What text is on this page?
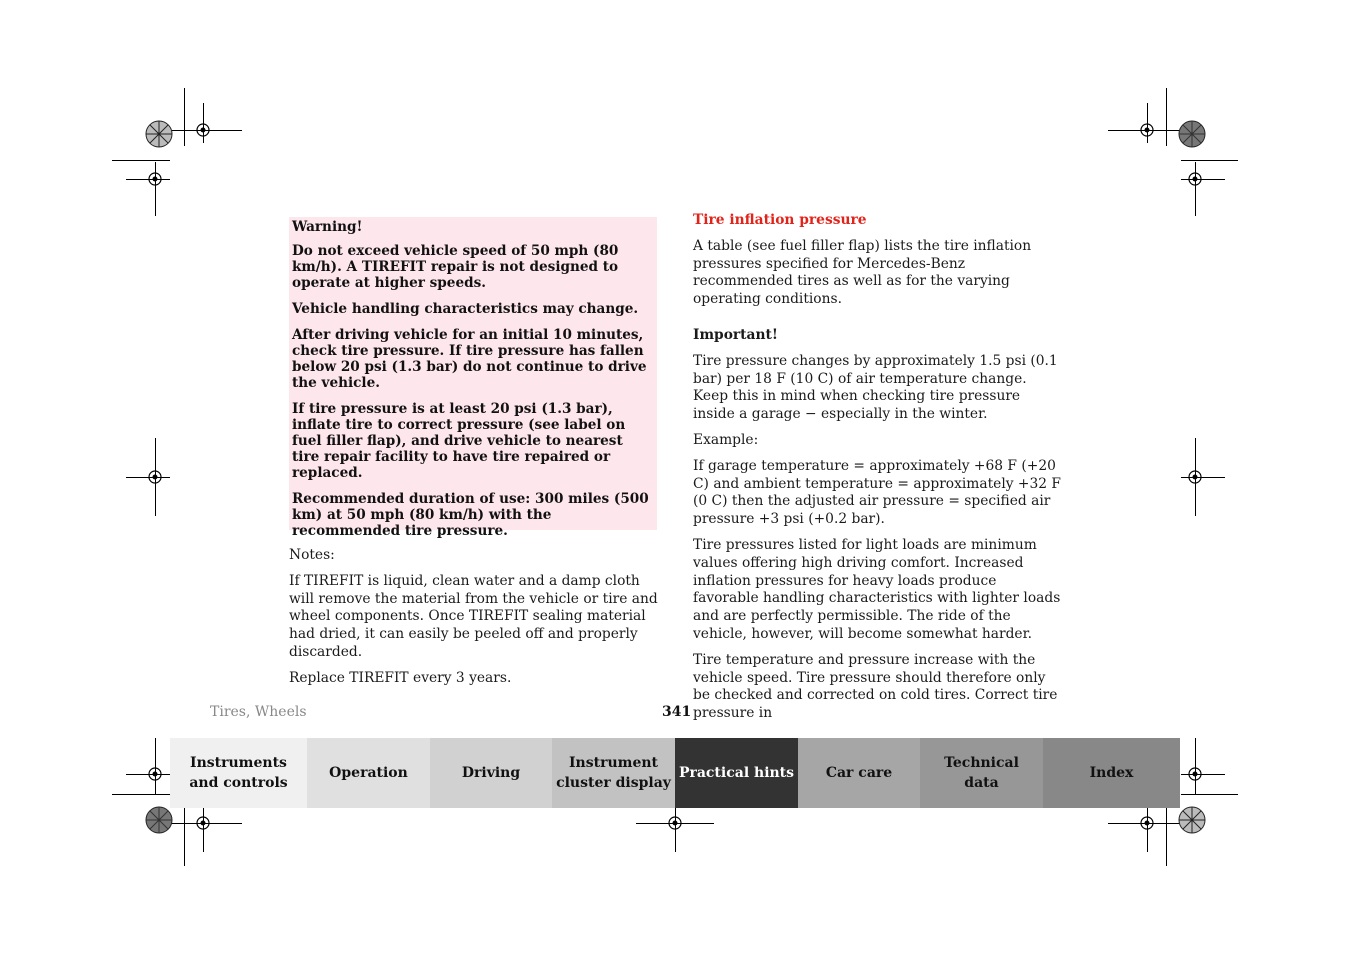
Warning!

Do not exceed vehicle speed of 50 mph (80 km/h). A TIREFIT repair is not designed to operate at higher speeds.

Vehicle handling characteristics may change.

After driving vehicle for an initial 10 minutes, check tire pressure. If tire pressure has fallen below 20 psi (1.3 bar) do not continue to drive the vehicle.

If tire pressure is at least 20 psi (1.3 bar), inflate tire to correct pressure (see label on fuel filler flap), and drive vehicle to nearest tire repair facility to have tire repaired or replaced.

Recommended duration of use: 300 miles (500 km) at 50 mph (80 km/h) with the recommended tire pressure.

Notes:

If TIREFIT is liquid, clean water and a damp cloth will remove the material from the vehicle or tire and wheel components. Once TIREFIT sealing material had dried, it can easily be peeled off and properly discarded.

Replace TIREFIT every 3 years.

Tire inflation pressure

A table (see fuel filler flap) lists the tire inflation pressures specified for Mercedes-Benz recommended tires as well as for the varying operating conditions.

Important!

Tire pressure changes by approximately 1.5 psi (0.1 bar) per 18 F (10 C) of air temperature change. Keep this in mind when checking tire pressure inside a garage − especially in the winter.

Example:

If garage temperature = approximately +68 F (+20 C) and ambient temperature = approximately +32 F (0 C) then the adjusted air pressure = specified air pressure +3 psi (+0.2 bar).

Tire pressures listed for light loads are minimum values offering high driving comfort. Increased inflation pressures for heavy loads produce favorable handling characteristics with lighter loads and are perfectly permissible. The ride of the vehicle, however, will become somewhat harder.

Tire temperature and pressure increase with the vehicle speed. Tire pressure should therefore only be checked and corrected on cold tires. Correct tire pressure in

Tires, Wheels	341
Instruments
and controls
Operation	Driving
Instrument
cluster display
Practical hints	Car care
Technical
data
Index
